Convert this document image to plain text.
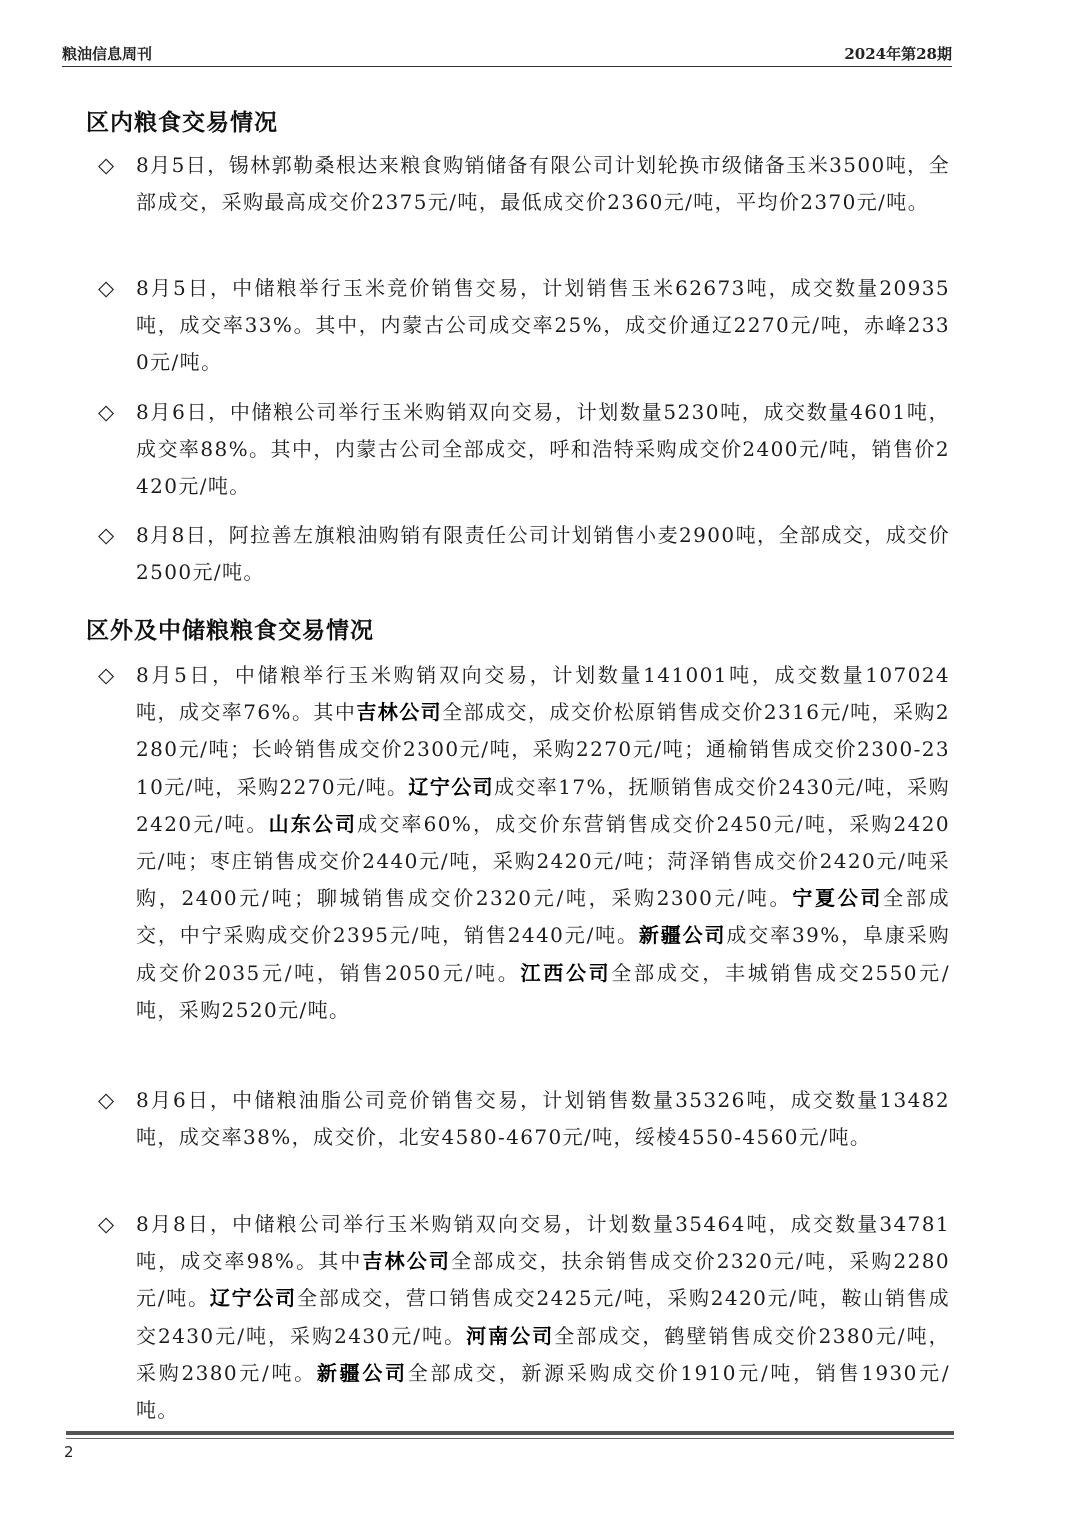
粮油信息周刊	2024年第28期
区内粮食交易情况
◇ 8月5日，锡林郭勒桑根达来粮食购销储备有限公司计划轮换市级储备玉米3500吨，全部成交，采购最高成交价2375元/吨，最低成交价2360元/吨，平均价2370元/吨。
◇ 8月5日，中储粮举行玉米竞价销售交易，计划销售玉米62673吨，成交数量20935吨，成交率33%。其中，内蒙古公司成交率25%，成交价通辽2270元/吨，赤峰2330元/吨。
◇ 8月6日，中储粮公司举行玉米购销双向交易，计划数量5230吨，成交数量4601吨，成交率88%。其中，内蒙古公司全部成交，呼和浩特采购成交价2400元/吨，销售价2420元/吨。
◇ 8月8日，阿拉善左旗粮油购销有限责任公司计划销售小麦2900吨，全部成交，成交价2500元/吨。
区外及中储粮粮食交易情况
◇ 8月5日，中储粮举行玉米购销双向交易，计划数量141001吨，成交数量107024吨，成交率76%。其中吉林公司全部成交，成交价松原销售成交价2316元/吨，采购2280元/吨；长岭销售成交价2300元/吨，采购2270元/吨；通榆销售成交价2300-2310元/吨，采购2270元/吨。辽宁公司成交率17%，抚顺销售成交价2430元/吨，采购2420元/吨。山东公司成交率60%，成交价东营销售成交价2450元/吨，采购2420元/吨；枣庄销售成交价2440元/吨，采购2420元/吨；菏泽销售成交价2420元/吨采购，2400元/吨；聊城销售成交价2320元/吨，采购2300元/吨。宁夏公司全部成交，中宁采购成交价2395元/吨，销售2440元/吨。新疆公司成交率39%，阜康采购成交价2035元/吨，销售2050元/吨。江西公司全部成交，丰城销售成交2550元/吨，采购2520元/吨。
◇ 8月6日，中储粮油脂公司竞价销售交易，计划销售数量35326吨，成交数量13482吨，成交率38%，成交价，北安4580-4670元/吨，绥棱4550-4560元/吨。
◇ 8月8日，中储粮公司举行玉米购销双向交易，计划数量35464吨，成交数量34781吨，成交率98%。其中吉林公司全部成交，扶余销售成交价2320元/吨，采购2280元/吨。辽宁公司全部成交，营口销售成交2425元/吨，采购2420元/吨，鞍山销售成交2430元/吨，采购2430元/吨。河南公司全部成交，鹤壁销售成交价2380元/吨，采购2380元/吨。新疆公司全部成交，新源采购成交价1910元/吨，销售1930元/吨。
2
